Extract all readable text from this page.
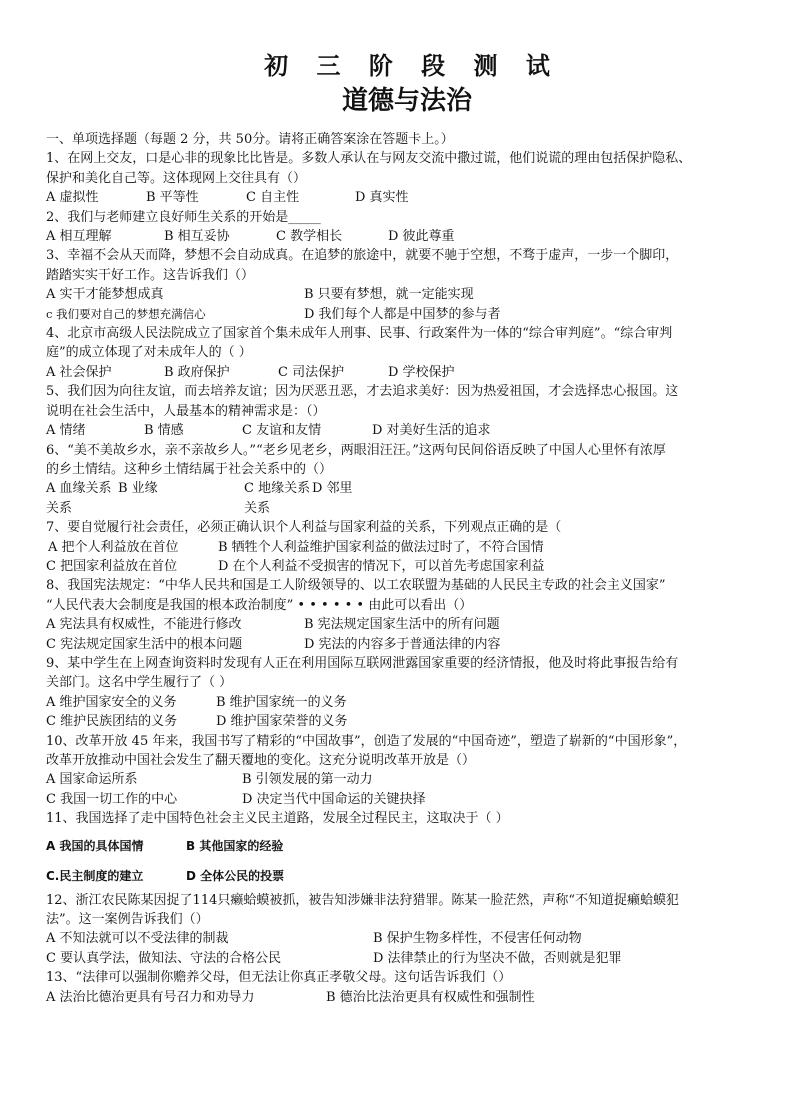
初 三 阶 段 测 试
道德与法治
一、单项选择题（每题 2 分，共 50分。请将正确答案涂在答题卡上。）
1、在网上交友，口是心非的现象比比皆是。多数人承认在与网友交流中撒过谎，他们说谎的理由包括保护隐私、
保护和美化自己等。这体现网上交往具有（）
A 虚拟性	B 平等性	C 自主性	D 真实性
2、我们与老师建立良好师生关系的开始是_____
A 相互理解	B 相互妥协	C 教学相长	D 彼此尊重
3、幸福不会从天而降，梦想不会自动成真。在追梦的旅途中，就要不驰于空想，不骛于虚声，一步一个脚印，
踏踏实实干好工作。这告诉我们（）
A 实干才能梦想成真	B 只要有梦想，就一定能实现
c 我们要对自己的梦想充满信心	D 我们每个人都是中国梦的参与者
4、北京市高级人民法院成立了国家首个集未成年人刑事、民事、行政案件为一体的“综合审判庭”。“综合审判
庭”的成立体现了对未成年人的（ ）
A 社会保护	B 政府保护	C 司法保护	D 学校保护
5、我们因为向往友谊，而去培养友谊；因为厌恶丑恶，才去追求美好：因为热爱祖国，才会选择忠心报国。这
说明在社会生活中，人最基本的精神需求是：（）
A 情绪	B 情感	C 友谊和友情	D 对美好生活的追求
6、“美不美故乡水，亲不亲故乡人。”“老乡见老乡，两眼泪汪汪。”这两句民间俗语反映了中国人心里怀有浓厚
的乡土情结。这种乡土情结属于社会关系中的（）
A 血缘关系 B 业缘	C 地缘关系 D 邻里
关系	关系
7、要自觉履行社会责任，必须正确认识个人利益与国家利益的关系，下列观点正确的是（
A 把个人利益放在首位	B 牺牲个人利益维护国家利益的做法过时了，不符合国情
C 把国家利益放在首位	D 在个人利益不受损害的情况下，可以首先考虑国家利益
8、我国宪法规定：“中华人民共和国是工人阶级领导的、以工农联盟为基础的人民民主专政的社会主义国家”
“人民代表大会制度是我国的根本政治制度” • • • • • • 由此可以看出（）
A 宪法具有权威性，不能进行修改	B 宪法规定国家生活中的所有问题
C 宪法规定国家生活中的根本问题	D 宪法的内容多于普通法律的内容
9、某中学生在上网查询资料时发现有人正在利用国际互联网泄露国家重要的经济情报，他及时将此事报告给有
关部门。这名中学生履行了（ ）
A 维护国家安全的义务	B 维护国家统一的义务
C 维护民族团结的义务	D 维护国家荣誉的义务
10、改革开放 45 年来，我国书写了精彩的“中国故事”，创造了发展的“中国奇迹”，塑造了崭新的“中国形象”，
改革开放推动中国社会发生了翻天覆地的变化。这充分说明改革开放是（）
A 国家命运所系	B 引领发展的第一动力
C 我国一切工作的中心	D 决定当代中国命运的关键抉择
11、我国选择了走中国特色社会主义民主道路，发展全过程民主，这取决于（ ）
A 我国的具体国情	B 其他国家的经验
C.民主制度的建立	D 全体公民的投票
12、浙江农民陈某因捉了114只癞蛤蟆被抓，被告知涉嫌非法狩猎罪。陈某一脸茫然，声称“不知道捉癞蛤蟆犯
法”。这一案例告诉我们（）
A 不知法就可以不受法律的制裁	B 保护生物多样性，不侵害任何动物
C 要认真学法，做知法、守法的合格公民	D 法律禁止的行为坚决不做，否则就是犯罪
13、“法律可以强制你赡养父母，但无法让你真正孝敬父母。这句话告诉我们（）
A 法治比德治更具有号召力和劝导力	B 德治比法治更具有权威性和强制性
